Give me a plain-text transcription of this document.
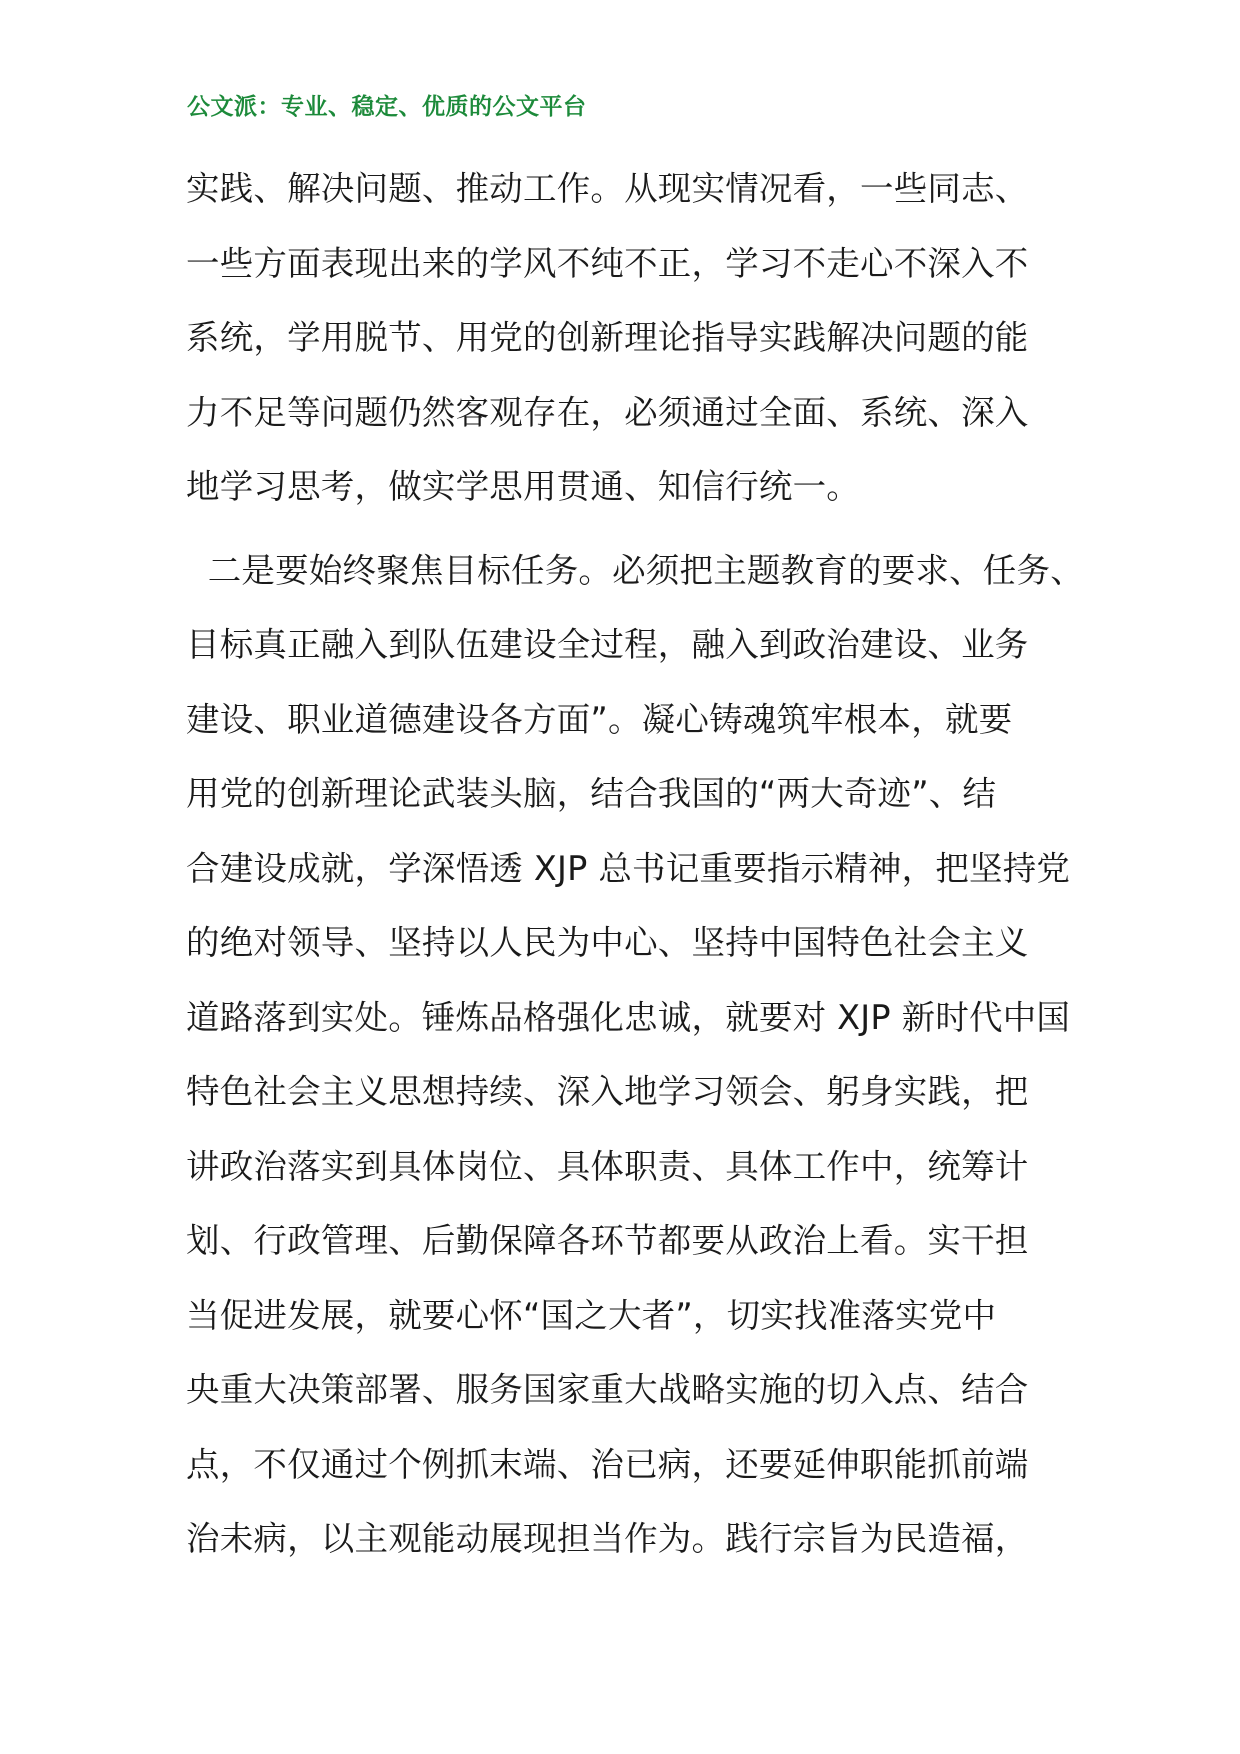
公文派：专业、稳定、优质的公文平台
实践、解决问题、推动工作。从现实情况看，一些同志、
一些方面表现出来的学风不纯不正，学习不走心不深入不
系统，学用脱节、用党的创新理论指导实践解决问题的能
力不足等问题仍然客观存在，必须通过全面、系统、深入
地学习思考，做实学思用贯通、知信行统一。
二是要始终聚焦目标任务。必须把主题教育的要求、任务、
目标真正融入到队伍建设全过程，融入到政治建设、业务
建设、职业道德建设各方面”。凝心铸魂筑牢根本，就要
用党的创新理论武装头脑，结合我国的“两大奇迹”、结
合建设成就，学深悟透 XJP 总书记重要指示精神，把坚持党
的绝对领导、坚持以人民为中心、坚持中国特色社会主义
道路落到实处。锤炼品格强化忠诚，就要对 XJP 新时代中国
特色社会主义思想持续、深入地学习领会、躬身实践，把
讲政治落实到具体岗位、具体职责、具体工作中，统筹计
划、行政管理、后勤保障各环节都要从政治上看。实干担
当促进发展，就要心怀“国之大者”，切实找准落实党中
央重大决策部署、服务国家重大战略实施的切入点、结合
点，不仅通过个例抓末端、治已病，还要延伸职能抓前端
治未病，以主观能动展现担当作为。践行宗旨为民造福，
